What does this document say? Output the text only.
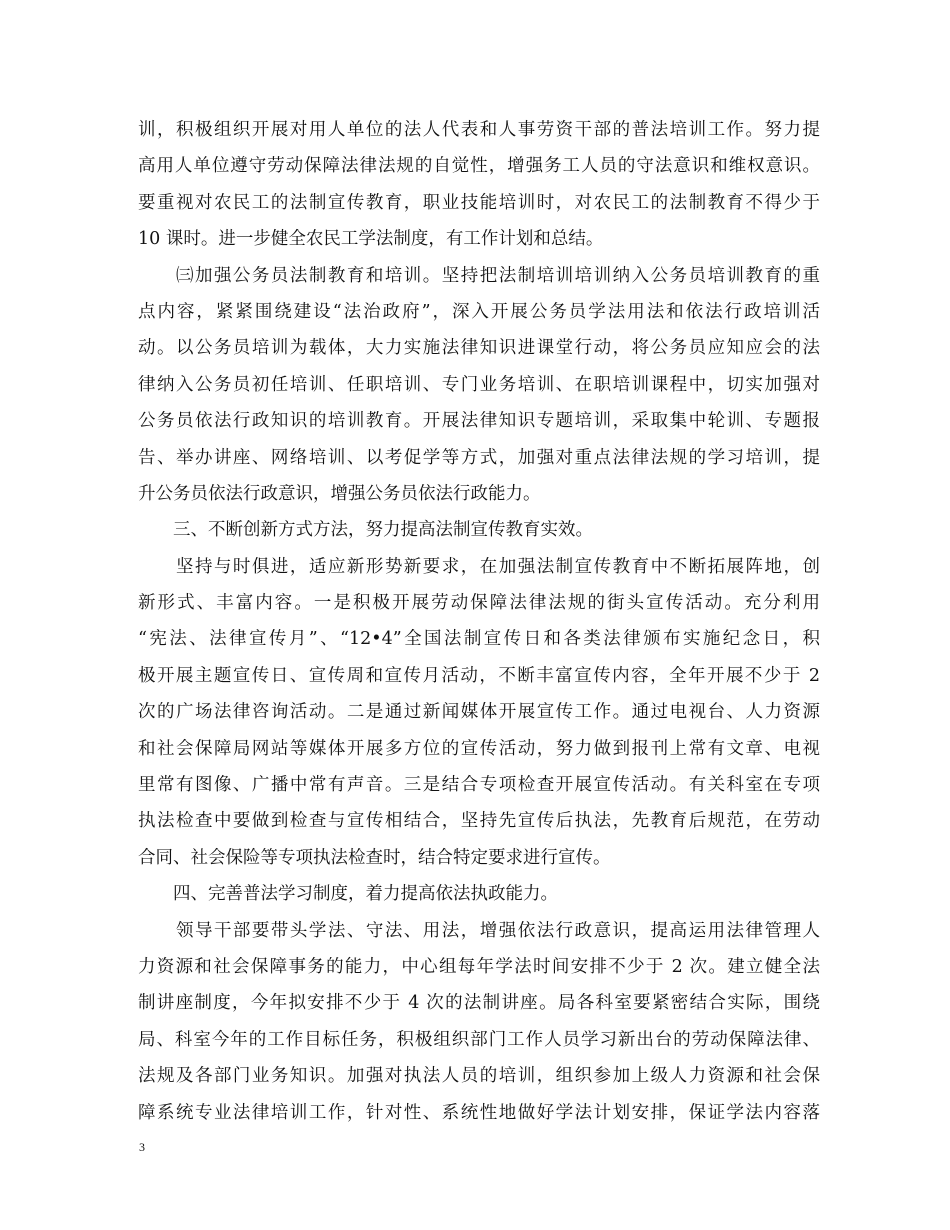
训，积极组织开展对用人单位的法人代表和人事劳资干部的普法培训工作。努力提
高用人单位遵守劳动保障法律法规的自觉性，增强务工人员的守法意识和维权意识。
要重视对农民工的法制宣传教育，职业技能培训时，对农民工的法制教育不得少于
10 课时。进一步健全农民工学法制度，有工作计划和总结。
　　㈢加强公务员法制教育和培训。坚持把法制培训培训纳入公务员培训教育的重
点内容，紧紧围绕建设“法治政府”，深入开展公务员学法用法和依法行政培训活
动。以公务员培训为载体，大力实施法律知识进课堂行动，将公务员应知应会的法
律纳入公务员初任培训、任职培训、专门业务培训、在职培训课程中，切实加强对
公务员依法行政知识的培训教育。开展法律知识专题培训，采取集中轮训、专题报
告、举办讲座、网络培训、以考促学等方式，加强对重点法律法规的学习培训，提
升公务员依法行政意识，增强公务员依法行政能力。
　　三、不断创新方式方法，努力提高法制宣传教育实效。
　　坚持与时俱进，适应新形势新要求，在加强法制宣传教育中不断拓展阵地，创
新形式、丰富内容。一是积极开展劳动保障法律法规的街头宣传活动。充分利用
“宪法、法律宣传月”、“12•4”全国法制宣传日和各类法律颁布实施纪念日，积
极开展主题宣传日、宣传周和宣传月活动，不断丰富宣传内容，全年开展不少于 2
次的广场法律咨询活动。二是通过新闻媒体开展宣传工作。通过电视台、人力资源
和社会保障局网站等媒体开展多方位的宣传活动，努力做到报刊上常有文章、电视
里常有图像、广播中常有声音。三是结合专项检查开展宣传活动。有关科室在专项
执法检查中要做到检查与宣传相结合，坚持先宣传后执法，先教育后规范，在劳动
合同、社会保险等专项执法检查时，结合特定要求进行宣传。
　　四、完善普法学习制度，着力提高依法执政能力。
　　领导干部要带头学法、守法、用法，增强依法行政意识，提高运用法律管理人
力资源和社会保障事务的能力，中心组每年学法时间安排不少于 2 次。建立健全法
制讲座制度，今年拟安排不少于 4 次的法制讲座。局各科室要紧密结合实际，围绕
局、科室今年的工作目标任务，积极组织部门工作人员学习新出台的劳动保障法律、
法规及各部门业务知识。加强对执法人员的培训，组织参加上级人力资源和社会保
障系统专业法律培训工作，针对性、系统性地做好学法计划安排，保证学法内容落
3
